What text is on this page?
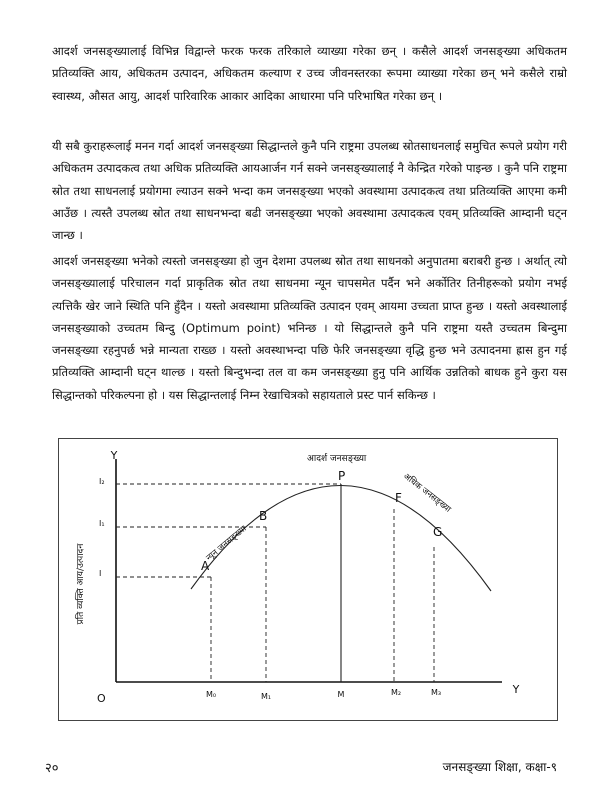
आदर्श जनसङ्ख्यालाई विभिन्न विद्वान्ले फरक फरक तरिकाले व्याख्या गरेका छन् । कसैले आदर्श जनसङ्ख्या अधिकतम प्रतिव्यक्ति आय, अधिकतम उत्पादन, अधिकतम कल्याण र उच्च जीवनस्तरका रूपमा व्याख्या गरेका छन् भने कसैले राम्रो स्वास्थ्य, औसत आयु, आदर्श पारिवारिक आकार आदिका आधारमा पनि परिभाषित गरेका छन् ।

यी सबै कुराहरूलाई मनन गर्दा आदर्श जनसङ्ख्या सिद्धान्तले कुनै पनि राष्ट्रमा उपलब्ध स्रोतसाधनलाई समुचित रूपले प्रयोग गरी अधिकतम उत्पादकत्व तथा अधिक प्रतिव्यक्ति आयआर्जन गर्न सक्ने जनसङ्ख्यालाई नै केन्द्रित गरेको पाइन्छ । कुनै पनि राष्ट्रमा स्रोत तथा साधनलाई प्रयोगमा ल्याउन सक्ने भन्दा कम जनसङ्ख्या भएको अवस्थामा उत्पादकत्व तथा प्रतिव्यक्ति आएमा कमी आउँछ । त्यस्तै उपलब्ध स्रोत तथा साधनभन्दा बढी जनसङ्ख्या भएको अवस्थामा उत्पादकत्व एवम् प्रतिव्यक्ति आम्दानी घट्न जान्छ ।

आदर्श जनसङ्ख्या भनेको त्यस्तो जनसङ्ख्या हो जुन देशमा उपलब्ध स्रोत तथा साधनको अनुपातमा बराबरी हुन्छ । अर्थात् त्यो जनसङ्ख्यालाई परिचालन गर्दा प्राकृतिक स्रोत तथा साधनमा न्यून चापसमेत पर्दैन भने अर्कोतिर तिनीहरूको प्रयोग नभई त्यत्तिकै खेर जाने स्थिति पनि हुँदैन । यस्तो अवस्थामा प्रतिव्यक्ति उत्पादन एवम् आयमा उच्चता प्राप्त हुन्छ । यस्तो अवस्थालाई जनसङ्ख्याको उच्चतम बिन्दु (Optimum point) भनिन्छ । यो सिद्धान्तले कुनै पनि राष्ट्रमा यस्तै उच्चतम बिन्दुमा जनसङ्ख्या रहनुपर्छ भन्ने मान्यता राख्छ । यस्तो अवस्थाभन्दा पछि फेरि जनसङ्ख्या वृद्धि हुन्छ भने उत्पादनमा ह्रास हुन गई प्रतिव्यक्ति आम्दानी घट्न थाल्छ । यस्तो बिन्दुभन्दा तल वा कम जनसङ्ख्या हुनु पनि आर्थिक उन्नतिको बाधक हुने कुरा यस सिद्धान्तको परिकल्पना हो । यस सिद्धान्तलाई निम्न रेखाचित्रको सहायताले प्रस्ट पार्न सकिन्छ ।

Y
Y
O
प्रति व्यक्ति आय/उत्पादन
I₂
I₁
I
A
B
P
F
G
आदर्श जनसङ्ख्या
न्यून जनसङ्ख्या
अधिक जनसङ्ख्या
M₀	M₁	M	M₂	M₃
२०	जनसङ्ख्या शिक्षा, कक्षा-९
